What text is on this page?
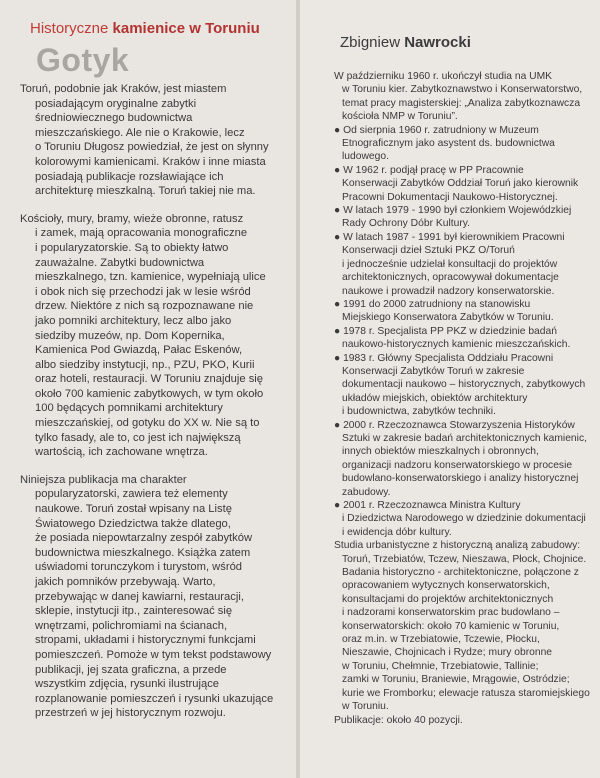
Historyczne kamienice w Toruniu
Gotyk
Toruń, podobnie jak Kraków, jest miastem
posiadającym oryginalne zabytki
średniowiecznego budownictwa
mieszczańskiego. Ale nie o Krakowie, lecz
o Toruniu Długosz powiedział, że jest on słynny
kolorowymi kamienicami. Kraków i inne miasta
posiadają publikacje rozsławiające ich
architekturę mieszkalną. Toruń takiej nie ma.
Kościoły, mury, bramy, wieże obronne, ratusz
i zamek, mają opracowania monograficzne
i popularyzatorskie. Są to obiekty łatwo
zauważalne. Zabytki budownictwa
mieszkalnego, tzn. kamienice, wypełniają ulice
i obok nich się przechodzi jak w lesie wśród
drzew. Niektóre z nich są rozpoznawane nie
jako pomniki architektury, lecz albo jako
siedziby muzeów, np. Dom Kopernika,
Kamienica Pod Gwiazdą, Pałac Eskenów,
albo siedziby instytucji, np., PZU, PKO, Kurii
oraz hoteli, restauracji. W Toruniu znajduje się
około 700 kamienic zabytkowych, w tym około
100 będących pomnikami architektury
mieszczańskiej, od gotyku do XX w. Nie są to
tylko fasady, ale to, co jest ich największą
wartością, ich zachowane wnętrza.
Niniejsza publikacja ma charakter
popularyzatorski, zawiera też elementy
naukowe. Toruń został wpisany na Listę
Światowego Dziedzictwa także dlatego,
że posiada niepowtarzalny zespół zabytków
budownictwa mieszkalnego. Książka zatem
uświadomi torunczykom i turystom, wśród
jakich pomników przebywają. Warto,
przebywając w danej kawiarni, restauracji,
sklepie, instytucji itp., zainteresować się
wnętrzami, polichromiami na ścianach,
stropami, układami i historycznymi funkcjami
pomieszczeń. Pomoże w tym tekst podstawowy
publikacji, jej szata graficzna, a przede
wszystkim zdjęcia, rysunki ilustrujące
rozplanowanie pomieszczeń i rysunki ukazujące
przestrzeń w jej historycznym rozwoju.
Zbigniew Nawrocki
W październiku 1960 r. ukończył studia na UMK
w Toruniu kier. Zabytkoznawstwo i Konserwatorstwo,
temat pracy magisterskiej: „Analiza zabytkoznawcza
kościoła NMP w Toruniu”.
● Od sierpnia 1960 r. zatrudniony w Muzeum
Etnograficznym jako asystent ds. budownictwa
ludowego.
● W 1962 r. podjął pracę w PP Pracownie
Konserwacji Zabytków Oddział Toruń jako kierownik
Pracowni Dokumentacji Naukowo-Historycznej.
● W latach 1979 - 1990 był członkiem Wojewódzkiej
Rady Ochrony Dóbr Kultury.
● W latach 1987 - 1991 był kierownikiem Pracowni
Konserwacji dzieł Sztuki PKZ O/Toruń
i jednocześnie udzielał konsultacji do projektów
architektonicznych, opracowywał dokumentacje
naukowe i prowadził nadzory konserwatorskie.
● 1991 do 2000 zatrudniony na stanowisku
Miejskiego Konserwatora Zabytków w Toruniu.
● 1978 r. Specjalista PP PKZ w dziedzinie badań
naukowo-historycznych kamienic mieszczańskich.
● 1983 r. Główny Specjalista Oddziału Pracowni
Konserwacji Zabytków Toruń w zakresie
dokumentacji naukowo – historycznych, zabytkowych
układów miejskich, obiektów architektury
i budownictwa, zabytków techniki.
● 2000 r. Rzeczoznawca Stowarzyszenia Historyków
Sztuki w zakresie badań architektonicznych kamienic,
innych obiektów mieszkalnych i obronnych,
organizacji nadzoru konserwatorskiego w procesie
budowlano-konserwatorskiego i analizy historycznej
zabudowy.
● 2001 r. Rzeczoznawca Ministra Kultury
i Dziedzictwa Narodowego w dziedzinie dokumentacji
i ewidencja dóbr kultury.
Studia urbanistyczne z historyczną analizą zabudowy:
Toruń, Trzebiatów, Tczew, Nieszawa, Płock, Chojnice.
Badania historyczno - architektoniczne, połączone z
opracowaniem wytycznych konserwatorskich,
konsultacjami do projektów architektonicznych
i nadzorami konserwatorskim prac budowlano –
konserwatorskich: około 70 kamienic w Toruniu,
oraz m.in. w Trzebiatowie, Tczewie, Płocku,
Nieszawie, Chojnicach i Rydze; mury obronne
w Toruniu, Chełmnie, Trzebiatowie, Tallinie;
zamki w Toruniu, Braniewie, Mrągowie, Ostródzie;
kurie we Fromborku; elewacje ratusza staromiejskiego
w Toruniu.
Publikacje: około 40 pozycji.
